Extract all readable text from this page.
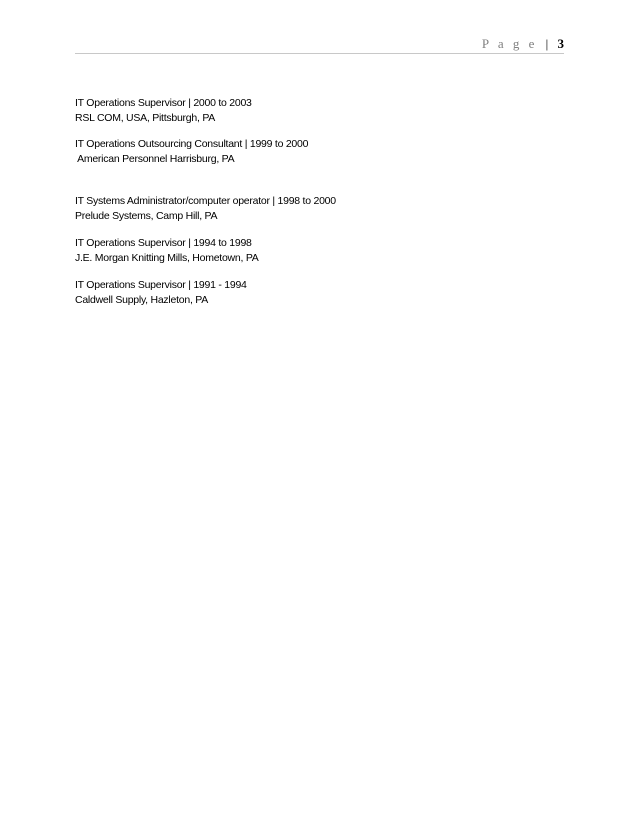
P a g e | 3
IT Operations Supervisor | 2000 to 2003
RSL COM, USA, Pittsburgh, PA
IT Operations Outsourcing Consultant | 1999 to 2000
American Personnel Harrisburg, PA
IT Systems Administrator/computer operator | 1998 to 2000
Prelude Systems, Camp Hill, PA
IT Operations Supervisor | 1994 to 1998
J.E. Morgan Knitting Mills, Hometown, PA
IT Operations Supervisor | 1991 - 1994
Caldwell Supply, Hazleton, PA
